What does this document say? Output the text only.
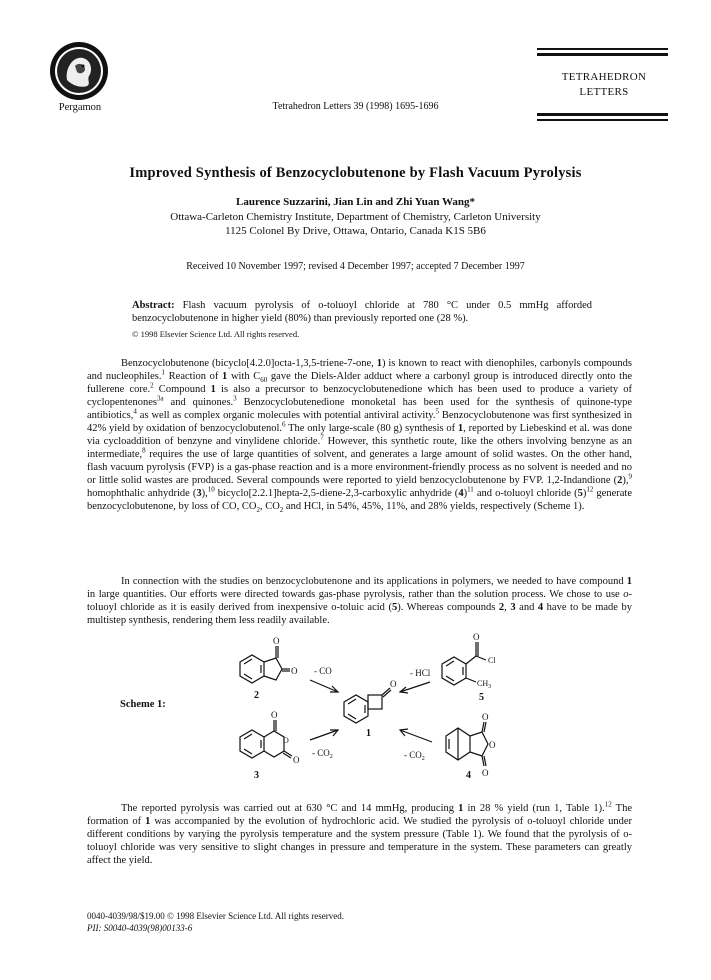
Pergamon	Tetrahedron Letters 39 (1998) 1695-1696
TETRAHEDRON
LETTERS
Improved Synthesis of Benzocyclobutenone by Flash Vacuum Pyrolysis
Laurence Suzzarini, Jian Lin and Zhi Yuan Wang*
Ottawa-Carleton Chemistry Institute, Department of Chemistry, Carleton University
1125 Colonel By Drive, Ottawa, Ontario, Canada K1S 5B6
Received 10 November 1997; revised 4 December 1997; accepted 7 December 1997
Abstract: Flash vacuum pyrolysis of o-toluoyl chloride at 780 °C under 0.5 mmHg afforded benzocyclobutenone in higher yield (80%) than previously reported one (28 %).
© 1998 Elsevier Science Ltd. All rights reserved.
Benzocyclobutenone (bicyclo[4.2.0]octa-1,3,5-triene-7-one, 1) is known to react with dienophiles, carbonyls compounds and nucleophiles.$^1$ Reaction of 1 with $C_{60}$ gave the Diels-Alder adduct where a carbonyl group is introduced directly onto the fullerene core.$^2$ Compound 1 is also a precursor to benzocyclobutenedione which has been used to produce a variety of cyclopentenones$^{3a}$ and quinones.$^3$ Benzocyclobutenedione monoketal has been used for the synthesis of quinone-type antibiotics,$^4$ as well as complex organic molecules with potential antiviral activity.$^5$ Benzocyclobutenone was first synthesized in 42% yield by oxidation of benzocyclobutenol.$^6$ The only large-scale (80 g) synthesis of 1, reported by Liebeskind et al. was done via cycloaddition of benzyne and vinylidene chloride.$^7$ However, this synthetic route, like the others involving benzyne as an intermediate,$^8$ requires the use of large quantities of solvent, and generates a large amount of solid wastes. On the other hand, flash vacuum pyrolysis (FVP) is a gas-phase reaction and is a more environment-friendly process as no solvent is needed and no or little solid wastes are produced. Several compounds were reported to yield benzocyclobutenone by FVP. 1,2-Indandione (2),$^9$ homophthalic anhydride (3),$^{10}$ bicyclo[2.2.1]hepta-2,5-diene-2,3-carboxylic anhydride $(4)^{11}$ and o-toluoyl chloride $(5)^{12}$ generate benzocyclobutenone, by loss of CO, $CO_2$, $CO_2$ and HCl, in 54%, 45%, 11%, and 28% yields, respectively (Scheme 1).
In connection with the studies on benzocyclobutenone and its applications in polymers, we needed to have compound 1 in large quantities. Our efforts were directed towards gas-phase pyrolysis, rather than the solution process. We chose to use o-toluoyl chloride as it is easily derived from inexpensive o-toluic acid (5). Whereas compounds 2, 3 and 4 have to be made by multistep synthesis, rendering them less readily available.
Scheme 1:
O
O
2
- CO
O
1
- HCl
O
Cl
$CH_3$
5
O
O
O
3
- $CO_2$	- $CO_2$
O
O
O
4
The reported pyrolysis was carried out at 630 °C and 14 mmHg, producing 1 in 28 % yield (run 1, Table 1).$^{12}$ The formation of 1 was accompanied by the evolution of hydrochloric acid. We studied the pyrolysis of o-toluoyl chloride under different conditions by varying the pyrolysis temperature and the system pressure (Table 1). We found that the pyrolysis of o-toluoyl chloride was very sensitive to slight changes in pressure and temperature in the system. These parameters can greatly affect the yield.
0040-4039/98/$19.00 © 1998 Elsevier Science Ltd. All rights reserved.
PII: S0040-4039(98)00133-6
